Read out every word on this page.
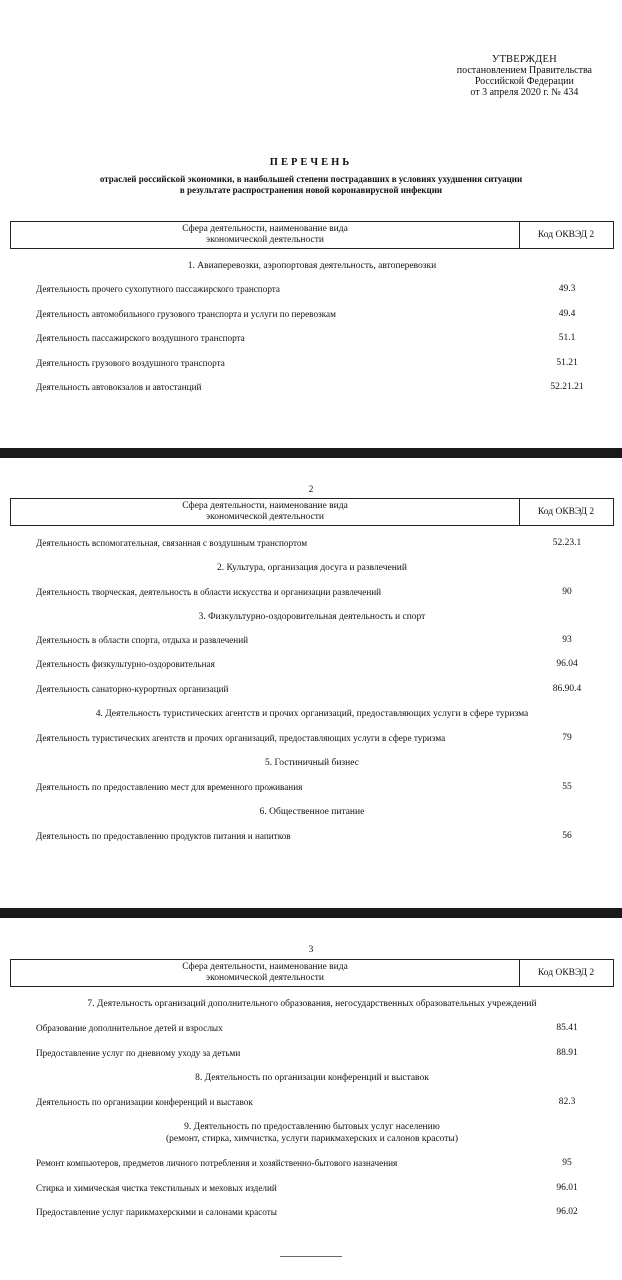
УТВЕРЖДЕН
постановлением Правительства
Российской Федерации
от 3 апреля 2020 г. № 434
ПЕРЕЧЕНЬ
отраслей российской экономики, в наибольшей степени пострадавших в условиях ухудшения ситуации
в результате распространения новой коронавирусной инфекции
Сфера деятельности, наименование вида
экономической деятельности	Код ОКВЭД 2
1. Авиаперевозки, аэропортовая деятельность, автоперевозки
Деятельность прочего сухопутного пассажирского транспорта	49.3
Деятельность автомобильного грузового транспорта и услуги по перевозкам	49.4
Деятельность пассажирского воздушного транспорта	51.1
Деятельность грузового воздушного транспорта	51.21
Деятельность автовокзалов и автостанций	52.21.21
2
Сфера деятельности, наименование вида
экономической деятельности	Код ОКВЭД 2
Деятельность вспомогательная, связанная с воздушным транспортом	52.23.1
2. Культура, организация досуга и развлечений
Деятельность творческая, деятельность в области искусства и организации развлечений	90
3. Физкультурно-оздоровительная деятельность и спорт
Деятельность в области спорта, отдыха и развлечений	93
Деятельность физкультурно-оздоровительная	96.04
Деятельность санаторно-курортных организаций	86.90.4
4. Деятельность туристических агентств и прочих организаций, предоставляющих услуги в сфере туризма
Деятельность туристических агентств и прочих организаций, предоставляющих услуги в сфере туризма	79
5. Гостиничный бизнес
Деятельность по предоставлению мест для временного проживания	55
6. Общественное питание
Деятельность по предоставлению продуктов питания и напитков	56
3
Сфера деятельности, наименование вида
экономической деятельности	Код ОКВЭД 2
7. Деятельность организаций дополнительного образования, негосударственных образовательных учреждений
Образование дополнительное детей и взрослых	85.41
Предоставление услуг по дневному уходу за детьми	88.91
8. Деятельность по организации конференций и выставок
Деятельность по организации конференций и выставок	82.3
9. Деятельность по предоставлению бытовых услуг населению
(ремонт, стирка, химчистка, услуги парикмахерских и салонов красоты)
Ремонт компьютеров, предметов личного потребления и хозяйственно-бытового назначения	95
Стирка и химическая чистка текстильных и меховых изделий	96.01
Предоставление услуг парикмахерскими и салонами красоты	96.02
